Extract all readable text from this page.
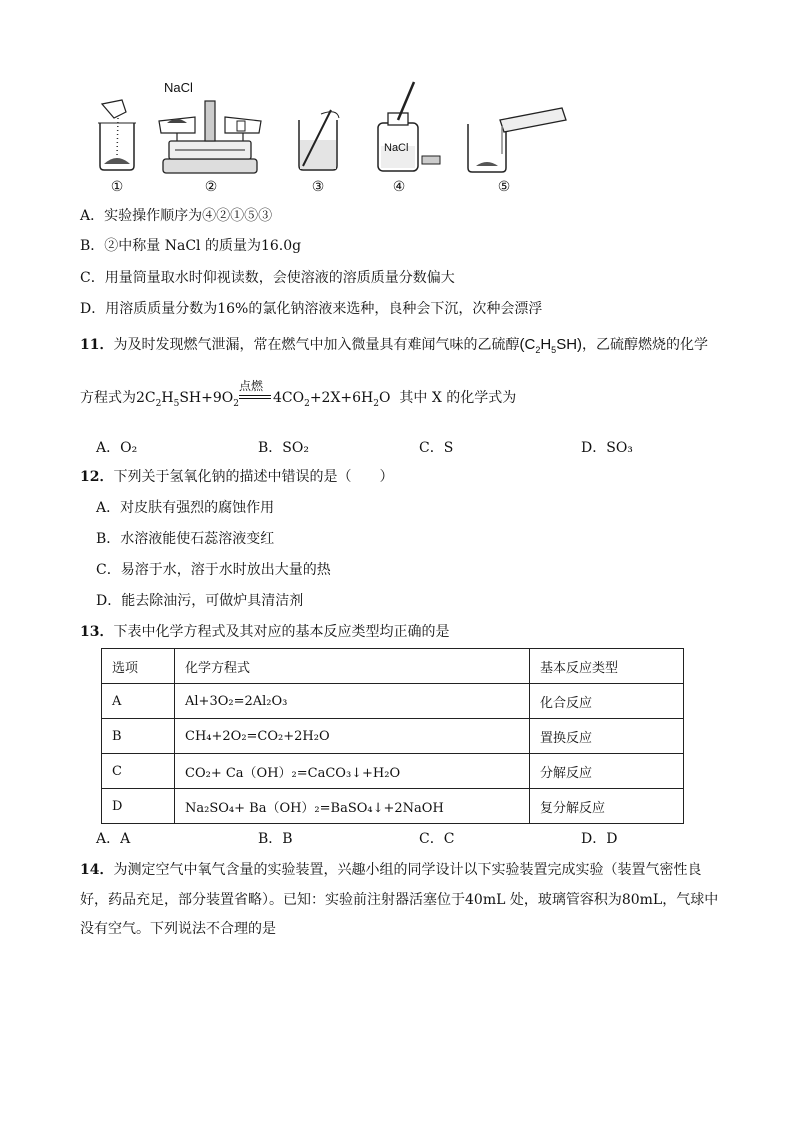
NaCl
NaCl
①	②	③	④	⑤
A．实验操作顺序为④②①⑤③
B．②中称量 NaCl 的质量为16.0g
C．用量筒量取水时仰视读数，会使溶液的溶质质量分数偏大
D．用溶质质量分数为16%的氯化钠溶液来选种，良种会下沉，次种会漂浮
11．为及时发现燃气泄漏，常在燃气中加入微量具有难闻气味的乙硫醇$(C_2H_5SH)$，乙硫醇燃烧的化学
方程式为$2C_2H_5SH+9O_2$
点燃
$4CO_2+2X+6H_2O$ 其中 X 的化学式为
A．O₂	B．SO₂	C．S	D．SO₃
12．下列关于氢氧化钠的描述中错误的是（　　）
A．对皮肤有强烈的腐蚀作用
B．水溶液能使石蕊溶液变红
C．易溶于水，溶于水时放出大量的热
D．能去除油污，可做炉具清洁剂
13．下表中化学方程式及其对应的基本反应类型均正确的是
选项	化学方程式	基本反应类型
A	Al+3O₂=2Al₂O₃	化合反应
B	CH₄+2O₂=CO₂+2H₂O	置换反应
C	CO₂+ Ca（OH）₂=CaCO₃↓+H₂O	分解反应
D	Na₂SO₄+ Ba（OH）₂=BaSO₄↓+2NaOH	复分解反应
A．A	B．B	C．C	D．D
14．为测定空气中氧气含量的实验装置，兴趣小组的同学设计以下实验装置完成实验（装置气密性良
好，药品充足，部分装置省略）。已知：实验前注射器活塞位于40mL 处，玻璃管容积为80mL，气球中
没有空气。下列说法不合理的是
